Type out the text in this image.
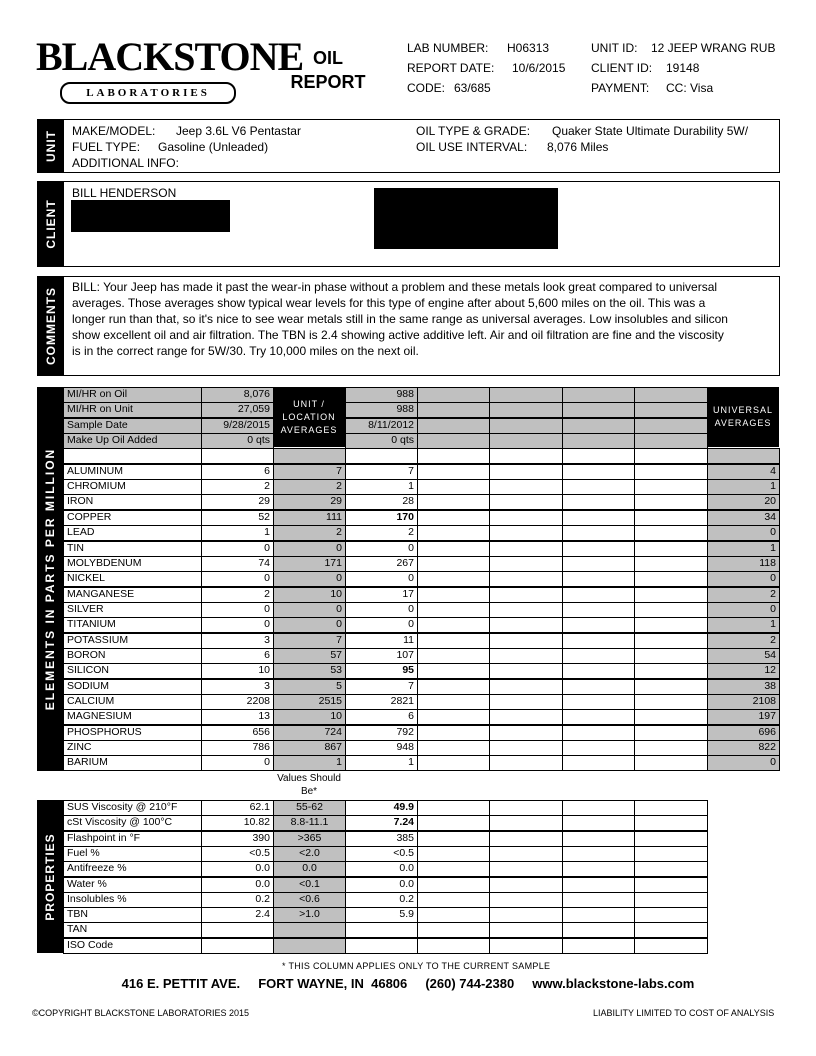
BLACKSTONE
LABORATORIES
OIL
REPORT
LAB NUMBER: H06313
REPORT DATE: 10/6/2015
CODE: 63/685
UNIT ID: 12 JEEP WRANG RUB
CLIENT ID: 19148
PAYMENT: CC: Visa
UNIT MAKE/MODEL: Jeep 3.6L V6 Pentastar
FUEL TYPE: Gasoline (Unleaded)
ADDITIONAL INFO:
OIL TYPE & GRADE: Quaker State Ultimate Durability 5W/
OIL USE INTERVAL: 8,076 Miles
CLIENT
BILL HENDERSON
COMMENTS BILL: Your Jeep has made it past the wear-in phase without a problem and these metals look great compared to universal averages. Those averages show typical wear levels for this type of engine after about 5,600 miles on the oil. This was a longer run than that, so it's nice to see wear metals still in the same range as universal averages. Low insolubles and silicon show excellent oil and air filtration. The TBN is 2.4 showing active additive left. Air and oil filtration are fine and the viscosity is in the correct range for 5W/30. Try 10,000 miles on the next oil.
ELEMENTS IN PARTS PER MILLION
UNIT / LOCATION AVERAGES
UNIVERSAL AVERAGES
MI/HR on Oil	8,076	988
MI/HR on Unit	27,059	988
Sample Date	9/28/2015	8/11/2012
Make Up Oil Added	0 qts	0 qts
ALUMINUM	6	7	7	4
CHROMIUM	2	2	1	1
IRON	29	29	28	20
COPPER	52	111	170	34
LEAD	1	2	2	0
TIN	0	0	0	1
MOLYBDENUM	74	171	267	118
NICKEL	0	0	0	0
MANGANESE	2	10	17	2
SILVER	0	0	0	0
TITANIUM	0	0	0	1
POTASSIUM	3	7	11	2
BORON	6	57	107	54
SILICON	10	53	95	12
SODIUM	3	5	7	38
CALCIUM	2208	2515	2821	2108
MAGNESIUM	13	10	6	197
PHOSPHORUS	656	724	792	696
ZINC	786	867	948	822
BARIUM	0	1	1	0
Values Should Be*
PROPERTIES
SUS Viscosity @ 210°F	62.1	55-62	49.9
cSt Viscosity @ 100°C	10.82	8.8-11.1	7.24
Flashpoint in °F	390	>365	385
Fuel %	<0.5	<2.0	<0.5
Antifreeze %	0.0	0.0	0.0
Water %	0.0	<0.1	0.0
Insolubles %	0.2	<0.6	0.2
TBN	2.4	>1.0	5.9
TAN
ISO Code
* THIS COLUMN APPLIES ONLY TO THE CURRENT SAMPLE
416 E. PETTIT AVE.     FORT WAYNE, IN  46806     (260) 744-2380     www.blackstone-labs.com
©COPYRIGHT BLACKSTONE LABORATORIES 2015	LIABILITY LIMITED TO COST OF ANALYSIS
